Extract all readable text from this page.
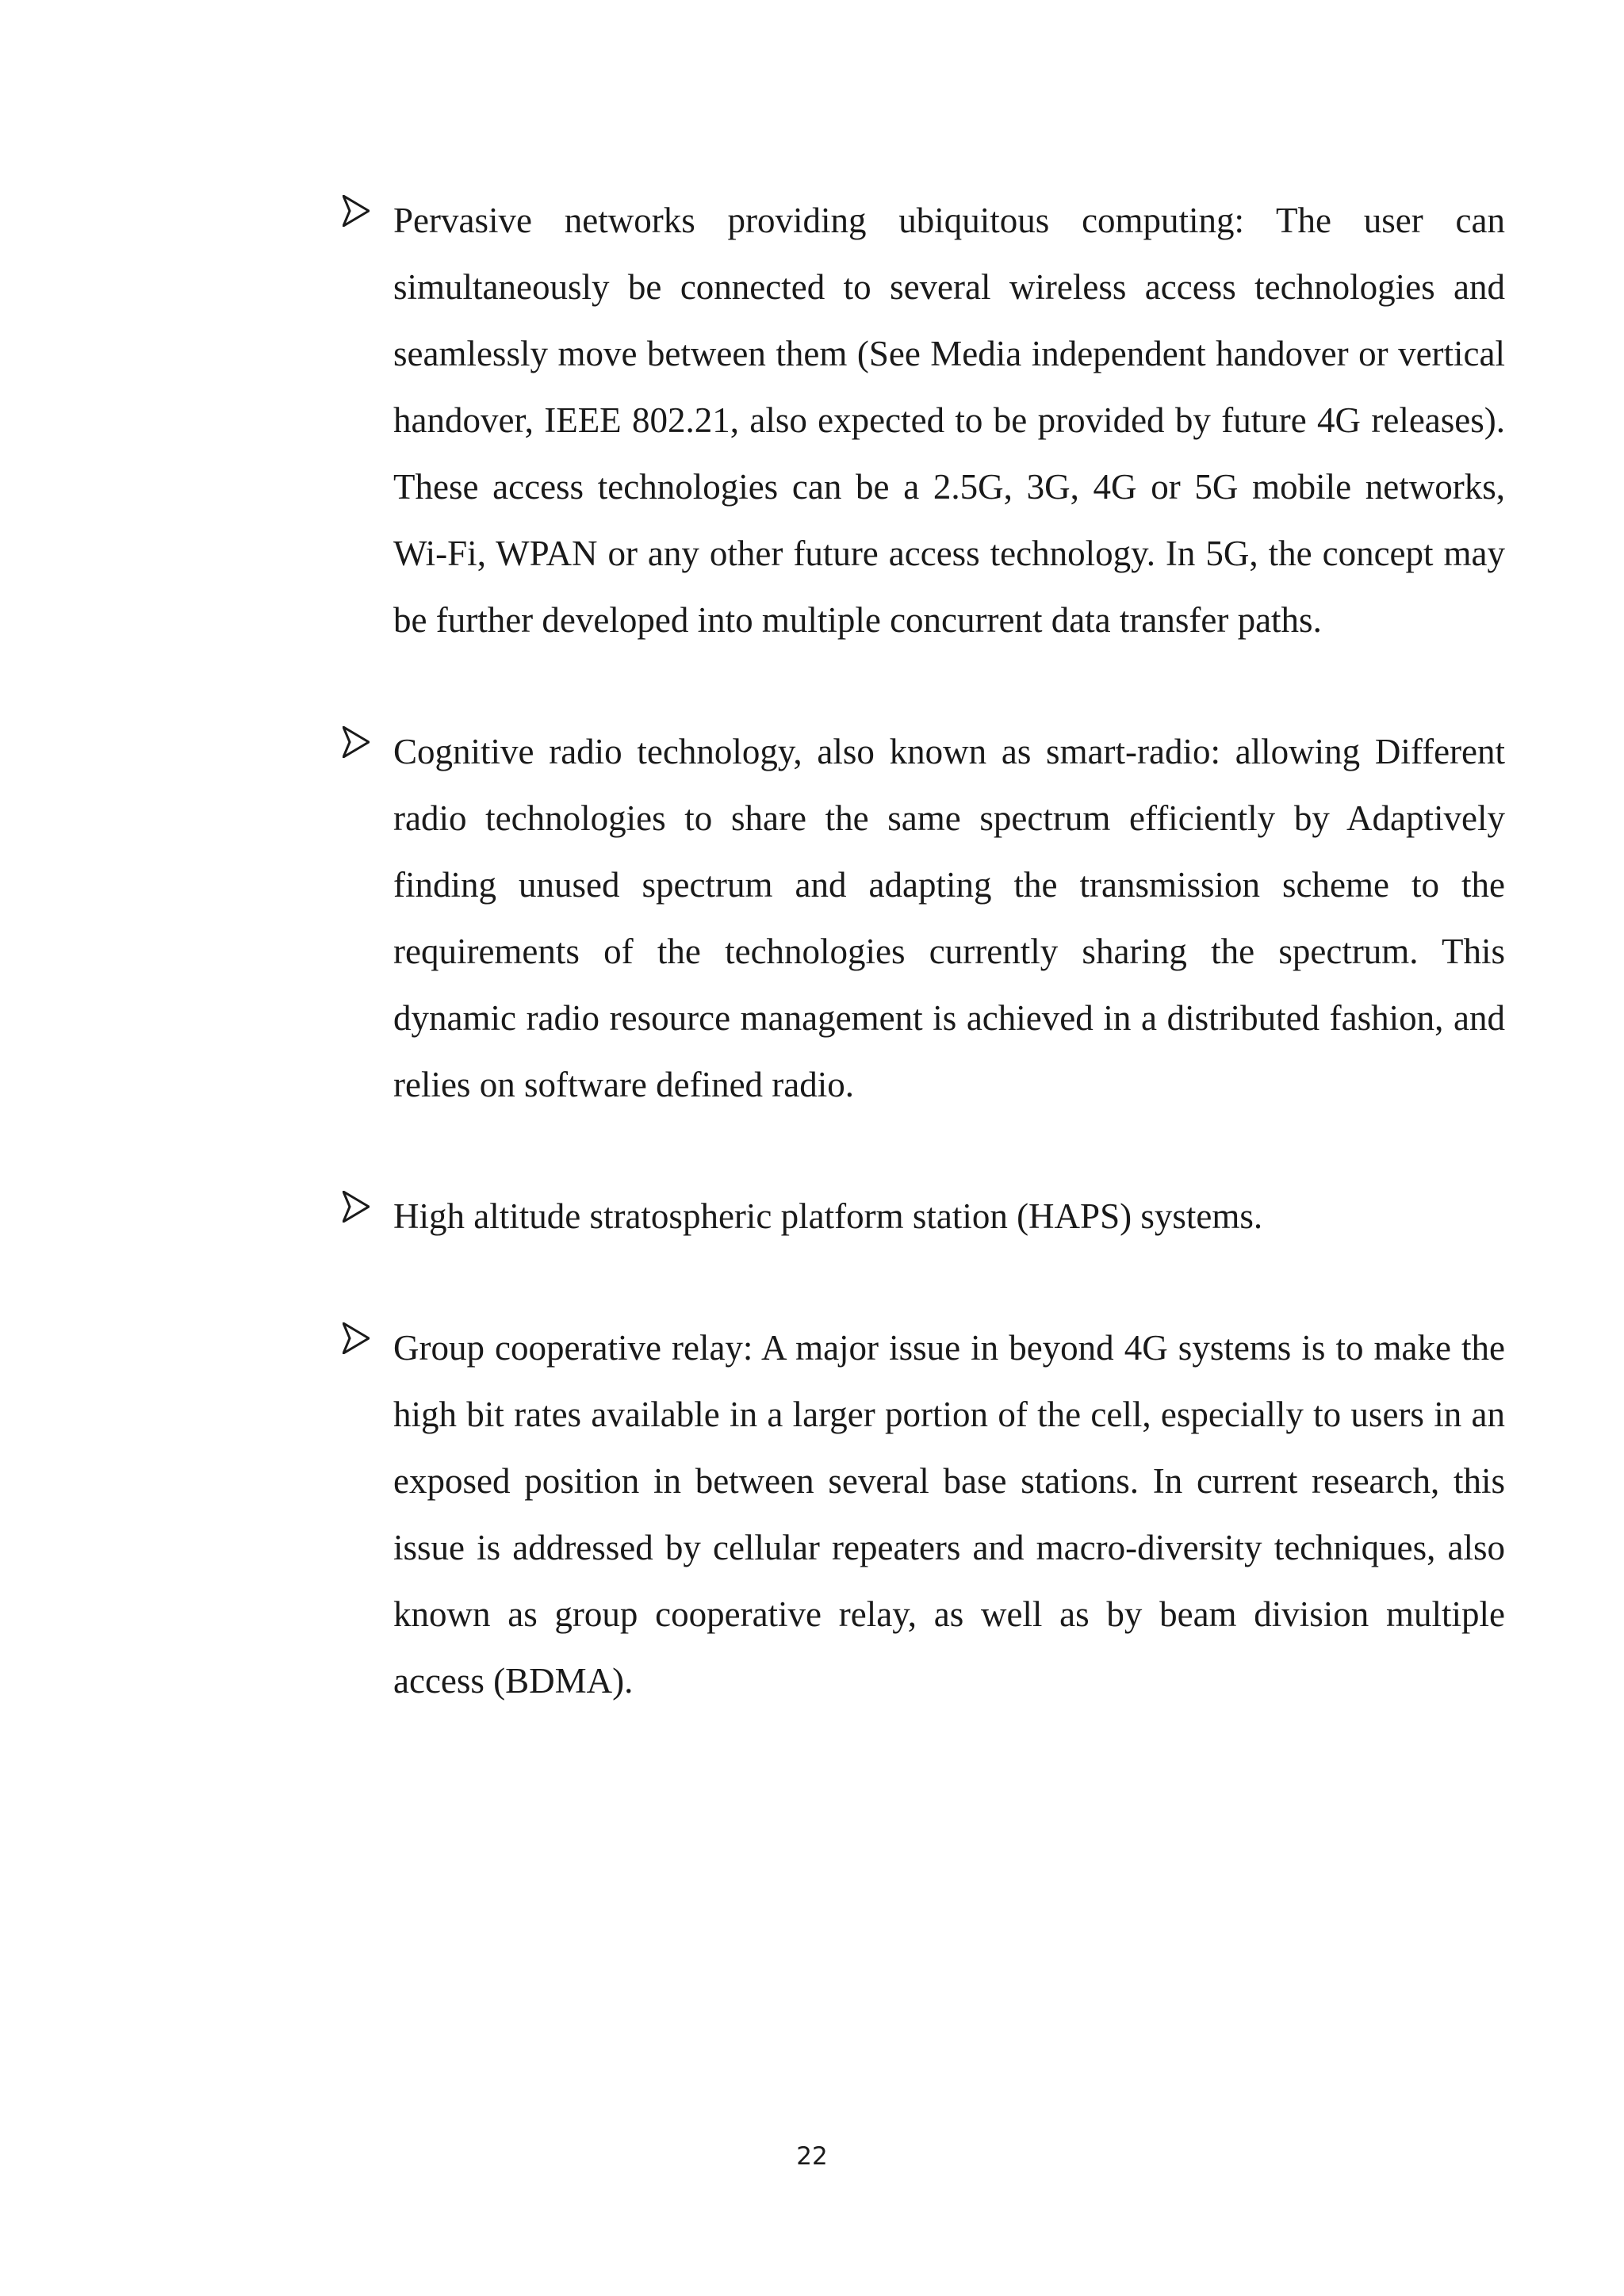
Pervasive networks providing ubiquitous computing: The user can simultaneously be connected to several wireless access technologies and seamlessly move between them (See Media independent handover or vertical handover, IEEE 802.21, also expected to be provided by future 4G releases). These access technologies can be a 2.5G, 3G, 4G or 5G mobile networks, Wi-Fi, WPAN or any other future access technology. In 5G, the concept may be further developed into multiple concurrent data transfer paths.

Cognitive radio technology, also known as smart-radio: allowing Different radio technologies to share the same spectrum efficiently by Adaptively finding unused spectrum and adapting the transmission scheme to the requirements of the technologies currently sharing the spectrum. This dynamic radio resource management is achieved in a distributed fashion, and relies on software defined radio.

High altitude stratospheric platform station (HAPS) systems.

Group cooperative relay: A major issue in beyond 4G systems is to make the high bit rates available in a larger portion of the cell, especially to users in an exposed position in between several base stations. In current research, this issue is addressed by cellular repeaters and macro-diversity techniques, also known as group cooperative relay, as well as by beam division multiple access (BDMA).

22
